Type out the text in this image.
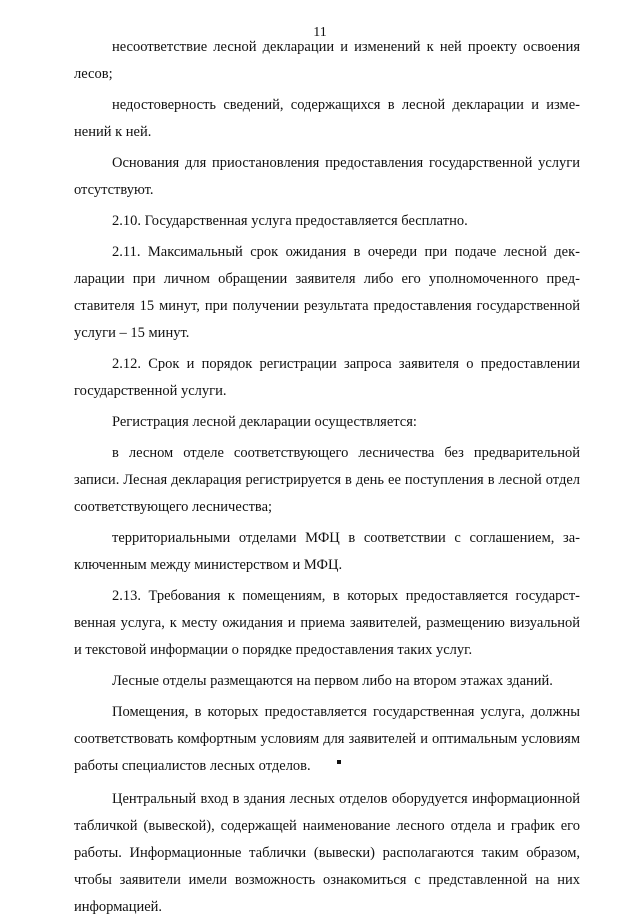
11

несоответствие лесной декларации и изменений к ней проекту освоения лесов;

недостоверность сведений, содержащихся в лесной декларации и изменений к ней.

Основания для приостановления предоставления государственной услуги отсутствуют.

2.10. Государственная услуга предоставляется бесплатно.

2.11. Максимальный срок ожидания в очереди при подаче лесной декларации при личном обращении заявителя либо его уполномоченного представителя 15 минут, при получении результата предоставления государственной услуги – 15 минут.

2.12. Срок и порядок регистрации запроса заявителя о предоставлении государственной услуги.

Регистрация лесной декларации осуществляется:

в лесном отделе соответствующего лесничества без предварительной записи. Лесная декларация регистрируется в день ее поступления в лесной отдел соответствующего лесничества;

территориальными отделами МФЦ в соответствии с соглашением, заключенным между министерством и МФЦ.

2.13. Требования к помещениям, в которых предоставляется государственная услуга, к месту ожидания и приема заявителей, размещению визуальной и текстовой информации о порядке предоставления таких услуг.

Лесные отделы размещаются на первом либо на втором этажах зданий.

Помещения, в которых предоставляется государственная услуга, должны соответствовать комфортным условиям для заявителей и оптимальным условиям работы специалистов лесных отделов.

Центральный вход в здания лесных отделов оборудуется информационной табличкой (вывеской), содержащей наименование лесного отдела и график его работы. Информационные таблички (вывески) располагаются таким образом, чтобы заявители имели возможность ознакомиться с представленной на них информацией.
